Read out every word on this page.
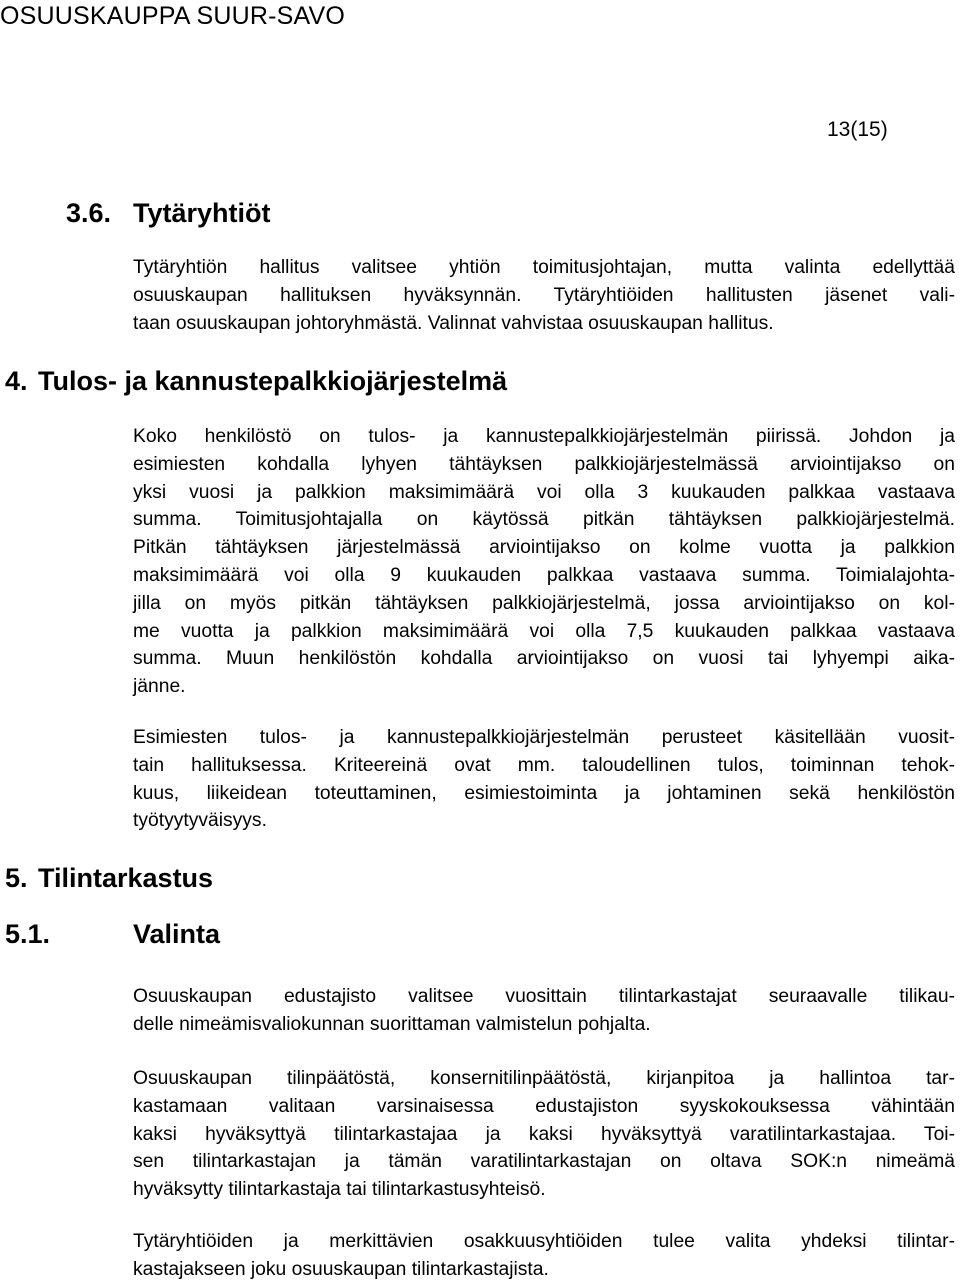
OSUUSKAUPPA SUUR-SAVO
13(15)
3.6. Tytäryhtiöt
Tytäryhtiön hallitus valitsee yhtiön toimitusjohtajan, mutta valinta edellyttää
osuuskaupan hallituksen hyväksynnän. Tytäryhtiöiden hallitusten jäsenet vali-
taan osuuskaupan johtoryhmästä. Valinnat vahvistaa osuuskaupan hallitus.
4. Tulos- ja kannustepalkkiojärjestelmä
Koko henkilöstö on tulos- ja kannustepalkkiojärjestelmän piirissä. Johdon ja
esimiesten kohdalla lyhyen tähtäyksen palkkiojärjestelmässä arviointijakso on
yksi vuosi ja palkkion maksimimäärä voi olla 3 kuukauden palkkaa vastaava
summa. Toimitusjohtajalla on käytössä pitkän tähtäyksen palkkiojärjestelmä.
Pitkän tähtäyksen järjestelmässä arviointijakso on kolme vuotta ja palkkion
maksimimäärä voi olla 9 kuukauden palkkaa vastaava summa. Toimialajohta-
jilla on myös pitkän tähtäyksen palkkiojärjestelmä, jossa arviointijakso on kol-
me vuotta ja palkkion maksimimäärä voi olla 7,5 kuukauden palkkaa vastaava
summa. Muun henkilöstön kohdalla arviointijakso on vuosi tai lyhyempi aika-
jänne.
Esimiesten tulos- ja kannustepalkkiojärjestelmän perusteet käsitellään vuosit-
tain hallituksessa. Kriteereinä ovat mm. taloudellinen tulos, toiminnan tehok-
kuus, liikeidean toteuttaminen, esimiestoiminta ja johtaminen sekä henkilöstön
työtyytyväisyys.
5. Tilintarkastus
5.1.	Valinta
Osuuskaupan edustajisto valitsee vuosittain tilintarkastajat seuraavalle tilikau-
delle nimeämisvaliokunnan suorittaman valmistelun pohjalta.
Osuuskaupan tilinpäätöstä, konsernitilinpäätöstä, kirjanpitoa ja hallintoa tar-
kastamaan valitaan varsinaisessa edustajiston syyskokouksessa vähintään
kaksi hyväksyttyä tilintarkastajaa ja kaksi hyväksyttyä varatilintarkastajaa. Toi-
sen tilintarkastajan ja tämän varatilintarkastajan on oltava SOK:n nimeämä
hyväksytty tilintarkastaja tai tilintarkastusyhteisö.
Tytäryhtiöiden ja merkittävien osakkuusyhtiöiden tulee valita yhdeksi tilintar-
kastajakseen joku osuuskaupan tilintarkastajista.
